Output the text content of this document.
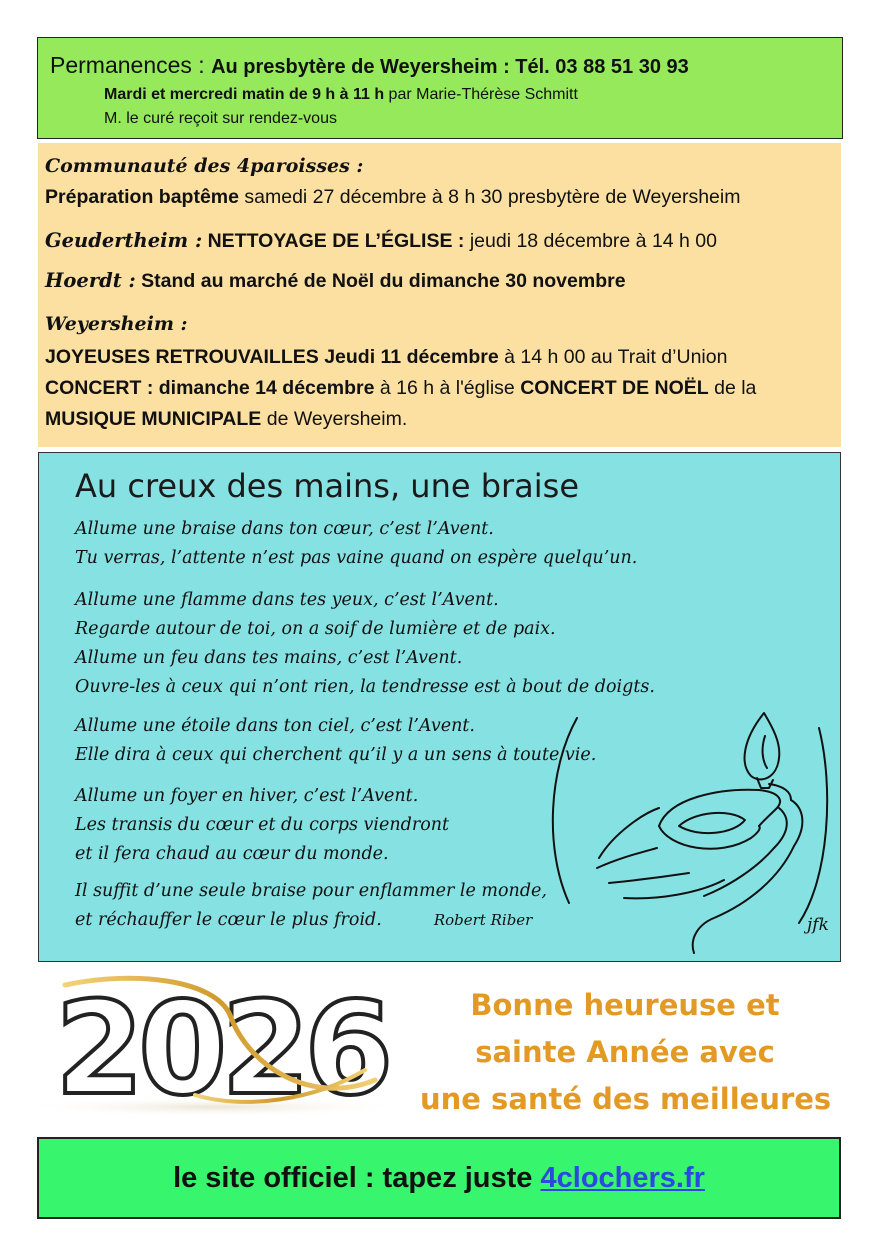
Permanences : Au presbytère de Weyersheim : Tél. 03 88 51 30 93
Mardi et mercredi matin de 9 h à 11 h par Marie-Thérèse Schmitt
M. le curé reçoit sur rendez-vous
Communauté des 4paroisses :
Préparation baptême samedi 27 décembre à 8 h 30 presbytère de Weyersheim
Geudertheim : NETTOYAGE DE L’ÉGLISE : jeudi 18 décembre à 14 h 00
Hoerdt : Stand au marché de Noël du dimanche 30 novembre
Weyersheim :
JOYEUSES RETROUVAILLES Jeudi 11 décembre à 14 h 00 au Trait d’Union
CONCERT : dimanche 14 décembre à 16 h à l'église CONCERT DE NOËL de la
MUSIQUE MUNICIPALE de Weyersheim.
Au creux des mains, une braise
Allume une braise dans ton cœur, c’est l’Avent.
Tu verras, l’attente n’est pas vaine quand on espère quelqu’un.
Allume une flamme dans tes yeux, c’est l’Avent.
Regarde autour de toi, on a soif de lumière et de paix.
Allume un feu dans tes mains, c’est l’Avent.
Ouvre-les à ceux qui n’ont rien, la tendresse est à bout de doigts.
Allume une étoile dans ton ciel, c’est l’Avent.
Elle dira à ceux qui cherchent qu’il y a un sens à toute vie.
Allume un foyer en hiver, c’est l’Avent.
Les transis du cœur et du corps viendront
et il fera chaud au cœur du monde.
Il suffit d’une seule braise pour enflammer le monde,
et réchauffer le cœur le plus froid.	Robert Riber	jfk
2026	Bonne heureuse et
sainte Année avec
une santé des meilleures
le site officiel : tapez juste 4clochers.fr
